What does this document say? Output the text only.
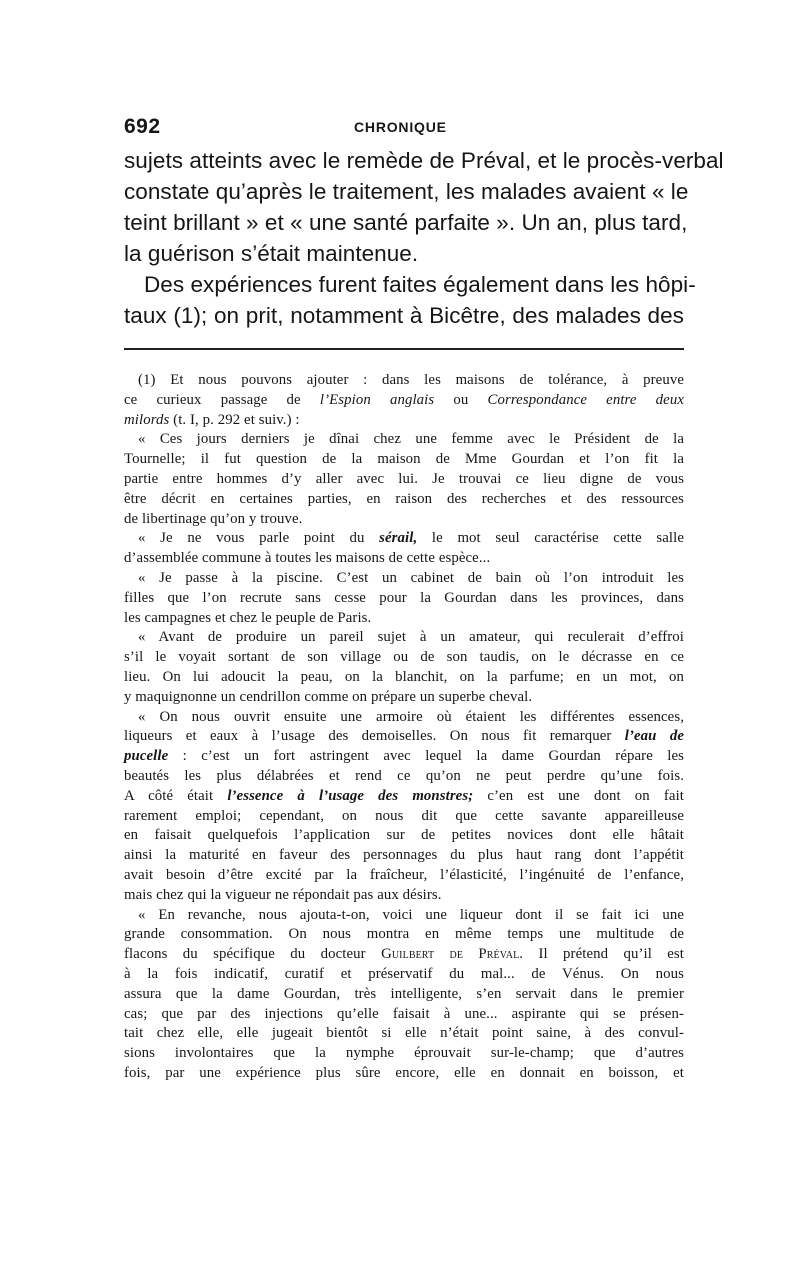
692	CHRONIQUE
sujets atteints avec le remède de Préval, et le procès-verbal
constate qu’après le traitement, les malades avaient « le
teint brillant » et « une santé parfaite ». Un an, plus tard,
la guérison s’était maintenue.
Des expériences furent faites également dans les hôpi-
taux (1); on prit, notamment à Bicêtre, des malades des
(1) Et nous pouvons ajouter : dans les maisons de tolérance, à preuve
ce curieux passage de l’Espion anglais ou Correspondance entre deux
milords (t. I, p. 292 et suiv.) :
« Ces jours derniers je dînai chez une femme avec le Président de la
Tournelle; il fut question de la maison de Mme Gourdan et l’on fit la
partie entre hommes d’y aller avec lui. Je trouvai ce lieu digne de vous
être décrit en certaines parties, en raison des recherches et des ressources
de libertinage qu’on y trouve.
« Je ne vous parle point du sérail, le mot seul caractérise cette salle
d’assemblée commune à toutes les maisons de cette espèce...
« Je passe à la piscine. C’est un cabinet de bain où l’on introduit les
filles que l’on recrute sans cesse pour la Gourdan dans les provinces, dans
les campagnes et chez le peuple de Paris.
« Avant de produire un pareil sujet à un amateur, qui reculerait d’effroi
s’il le voyait sortant de son village ou de son taudis, on le décrasse en ce
lieu. On lui adoucit la peau, on la blanchit, on la parfume; en un mot, on
y maquignonne un cendrillon comme on prépare un superbe cheval.
« On nous ouvrit ensuite une armoire où étaient les différentes essences,
liqueurs et eaux à l’usage des demoiselles. On nous fit remarquer l’eau de
pucelle : c’est un fort astringent avec lequel la dame Gourdan répare les
beautés les plus délabrées et rend ce qu’on ne peut perdre qu’une fois.
A côté était l’essence à l’usage des monstres; c’en est une dont on fait
rarement emploi; cependant, on nous dit que cette savante appareilleuse
en faisait quelquefois l’application sur de petites novices dont elle hâtait
ainsi la maturité en faveur des personnages du plus haut rang dont l’appétit
avait besoin d’être excité par la fraîcheur, l’élasticité, l’ingénuité de l’enfance,
mais chez qui la vigueur ne répondait pas aux désirs.
« En revanche, nous ajouta-t-on, voici une liqueur dont il se fait ici une
grande consommation. On nous montra en même temps une multitude de
flacons du spécifique du docteur Guilbert de Préval. Il prétend qu’il est
à la fois indicatif, curatif et préservatif du mal... de Vénus. On nous
assura que la dame Gourdan, très intelligente, s’en servait dans le premier
cas; que par des injections qu’elle faisait à une... aspirante qui se présen-
tait chez elle, elle jugeait bientôt si elle n’était point saine, à des convul-
sions involontaires que la nymphe éprouvait sur-le-champ; que d’autres
fois, par une expérience plus sûre encore, elle en donnait en boisson, et
